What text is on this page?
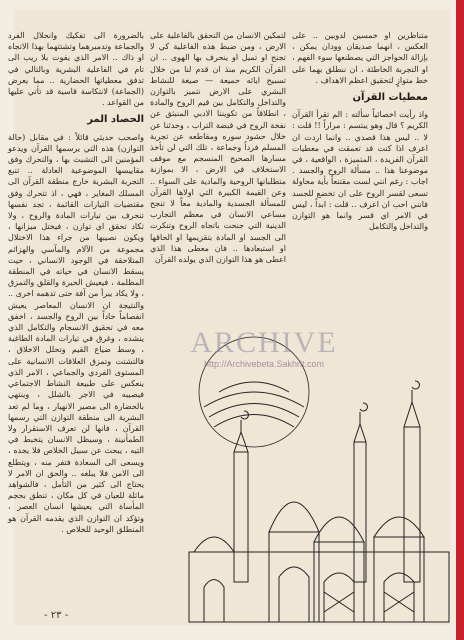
متناظرين او خمسين لدوبين .. على العكس ، انهما صديقان وودان يمكن ، بإزالة الحواجز التي يصطنعها سوء الفهم ، او التجربة الخاطئة ، ان ننطلق بهما على خط متوازٍ لتحقيق اعظم الاهداف .

معطيات القرآن

واذ رأيت اخصائياً سألته : الم تقرأ القرآن الكريم ؟ قال وهو يبتسم : مراراً !! قلت : لا .. ليس هذا قصدي .. وانما اردت ان اعرف اذا كنت قد تعمقت في معطيات القرآن الفريدة ، المتميزة ، الواقعية ، في موضوعنا هذا .. مسألة الروح والجسد . اجاب : رغم انني لست مقتنعاً بأية محاولة تسعى لقسر الروح على ان تخضع للجسد فانني احب ان اعرف .. قلت : ابداً ، ليس في الامر اي قسر وانما هو التوازن والتداخل والتكامل

لتمكين الانسان من التحقق بالفاعلية على الارض ، ومن ضبط هذه الفاعلية كي لا تجنح او تميل او ينحرف بها الهوى .. ان القرآن الكريم منذ ان قدم لنا من خلال تسبيح ايائه حميعة — صيغة للنشاط البشري على الارض تتميز بالتوازن والتداخل والتكامل بين قيم الروح والمادة ، انطلاقاً من تكويننا الادبي المنبثق عن نفخة الروح في قبضة التراب ، وحدثنا عن خلال حشود سوره ومقاطعه عن تجربة المسلم فرداً وجماعة ، تلك التي لن تأخذ مسارها الصحيح المنسجم مع موقف الاستخلاف في الارض ، الا بموازنة متطلباتها الروحية والمادية على السواء .. وعن القيمة الكبيرة التي اولاها القرآن للمسألة الجسدية والمادية معاً لا تنجح مساعي الانسان في معظم التجارب الدينية التي جنحت باتجاه الروح وتنكرت الى الجسد او المادة بتقزيمها او الحاقها او استبعادها .. فان معطى هذا الذي اعطى هو هذا التوازن الذي يولده القرآن

بالضرورة الى تفكيك وانحلال الفرد والجماعة وتدميرهما وتشتتهما بهذا الاتجاه او ذاك .. الامر الذي يفوت بلا ريب الى تام في الفاعلية البشرية وبالتالي في تدفق معطياتها الحضارية .. مما يعرض (الجماعة) لانتكاسة قاسية قد تأتي عليها من القواعد .

الحصاد المر

واصحب حديثي قائلاً : في مقابل (حالة التوازن) هذه التي يرسمها القرآن ويدعو المؤمنين الى التشبث بها ، والتحرك وفق مقاييسها الموضوعية العادلة .. تنبع التجربة البشرية خارج منطقة القرآن الى المسلك المغاير ، فهي ، اذ تتحرك وفق مقتضيات التيارات القائمة ، تجد نفسها تنحرف بين تيارات المادة والروح ، ولا تكاد تحقق اي توازن ، فيختل ميزانها ، ويكون نصيبها من جراء هذا الاختلال مجموعة من الآلام والمآسي والهزائم المتلاحقة في الوجود الانساني ، حيث يسقط الانسان في حياته في المنطقة المظلمة ، فيعيش الحيرة والقلق والتمزق ، ولا يكاد يبرأ من آفة حتى تدهمه اخرى .. والنتيجة ان الانسان المعاصر يعيش انفصاماً حاداً بين الروح والجسد ، اخفق معه في تحقيق الانسجام والتكامل الذي ينشده ، وغرق في تيارات المادة الطاغية ، وسط ضياع القيم وتحلل الاخلاق ، فالتشتت وتمزق العلاقات الانسانية على المستوى الفردي والجماعي ، الامر الذي ينعكس على طبيعة النشاط الاجتماعي فيصيبه في الاجر بالشلل ، وينتهي بالحضارة الى مصير الانهيار ، وما لم تعد البشرية الى منطقة التوازن التي رسمها القرآن ، فانها لن تعرف الاستقرار ولا الطمأنينة ، وسيظل الانسان يتخبط في التيه ، يبحث عن سبيل الخلاص فلا يجده ، ويسعى الى السعادة فتفر منه ، ويتطلع الى الامن فلا يبلغه .. والحق ان الامر لا يحتاج الى كثير من التأمل ، فالشواهد ماثلة للعيان في كل مكان ، تنطق بحجم المأساة التي يعيشها انسان العصر ، وتؤكد ان التوازن الذي يقدمه القرآن هو المنطلق الوحيد للخلاص .

ARCHIVE
http://Archivebeta.Sakhrit.com
- ٢٣ -
